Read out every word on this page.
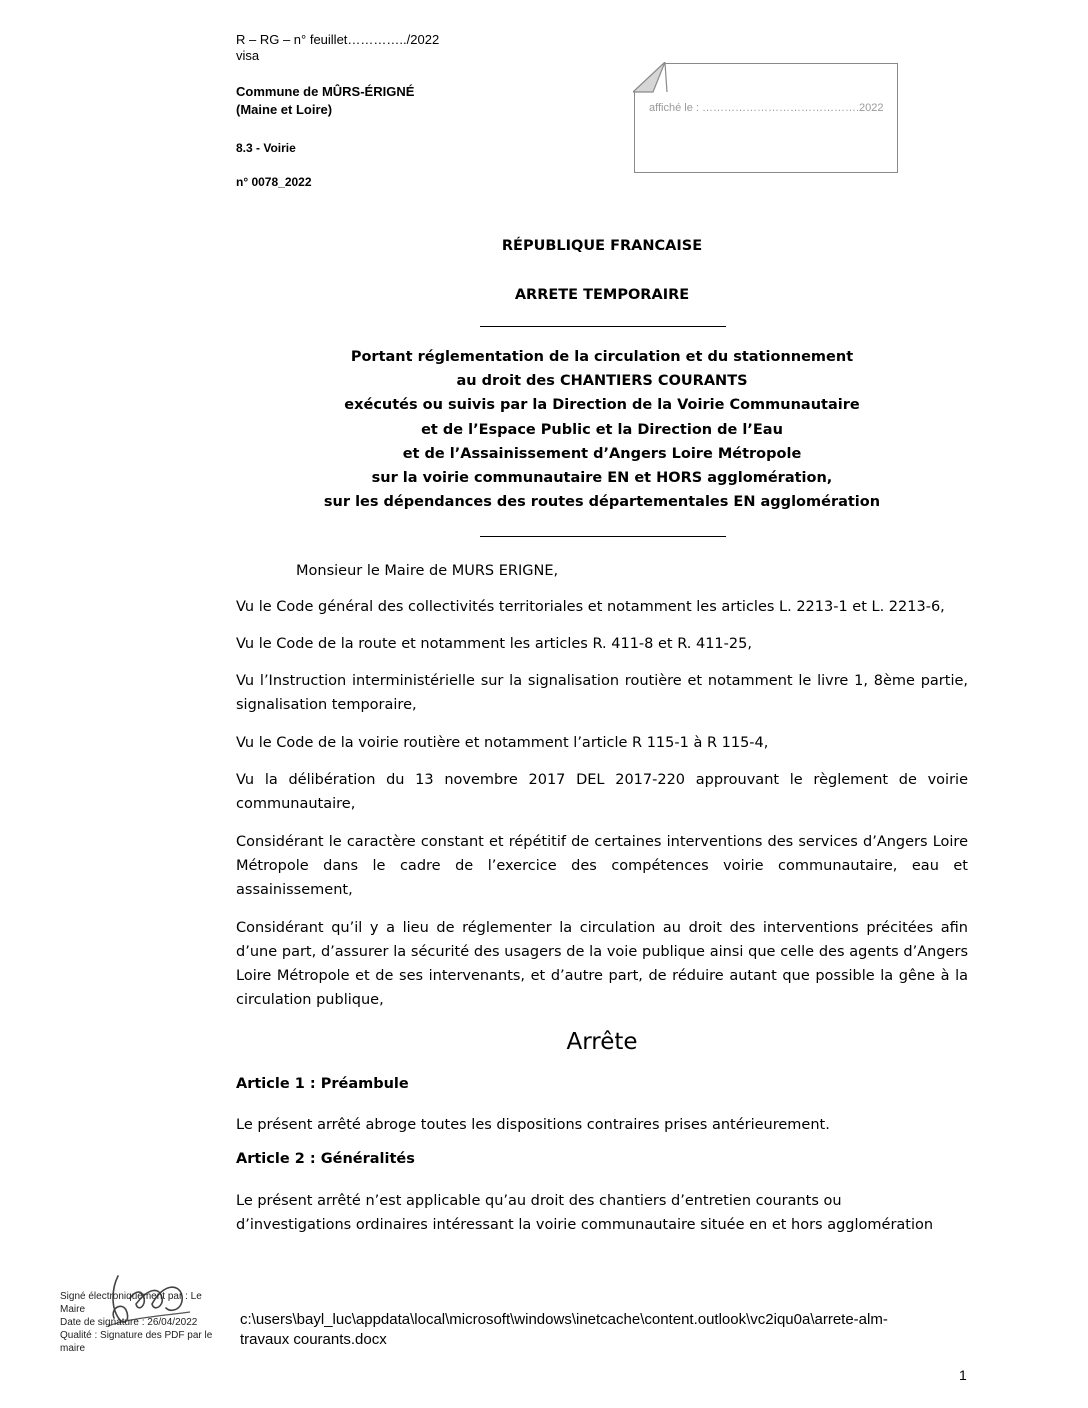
R – RG – n° feuillet…………../2022
visa
Commune de MÛRS-ÉRIGNÉ
(Maine et Loire)
8.3 - Voirie
n° 0078_2022
affiché le : …………………………………….2022
RÉPUBLIQUE FRANCAISE
ARRETE TEMPORAIRE
Portant réglementation de la circulation et du stationnement
au droit des CHANTIERS COURANTS
exécutés ou suivis par la Direction de la Voirie Communautaire
et de l’Espace Public et la Direction de l’Eau
et de l’Assainissement d’Angers Loire Métropole
sur la voirie communautaire EN et HORS agglomération,
sur les dépendances des routes départementales EN agglomération
Monsieur le Maire de MURS ERIGNE,
Vu le Code général des collectivités territoriales et notamment les articles L. 2213-1 et L. 2213-6,
Vu le Code de la route et notamment les articles R. 411-8 et R. 411-25,
Vu l’Instruction interministérielle sur la signalisation routière et notamment le livre 1, 8ème partie, signalisation temporaire,
Vu le Code de la voirie routière et notamment l’article R 115-1 à R 115-4,
Vu la délibération du 13 novembre 2017 DEL 2017-220 approuvant le règlement de voirie communautaire,
Considérant le caractère constant et répétitif de certaines interventions des services d’Angers Loire Métropole dans le cadre de l’exercice des compétences voirie communautaire, eau et assainissement,
Considérant qu’il y a lieu de réglementer la circulation au droit des interventions précitées afin d’une part, d’assurer la sécurité des usagers de la voie publique ainsi que celle des agents d’Angers Loire Métropole et de ses intervenants, et d’autre part, de réduire autant que possible la gêne à la circulation publique,
Arrête
Article 1 : Préambule
Le présent arrêté abroge toutes les dispositions contraires prises antérieurement.
Article 2 : Généralités
Le présent arrêté n’est applicable qu’au droit des chantiers d’entretien courants ou
d’investigations ordinaires intéressant la voirie communautaire située en et hors agglomération
Signé électroniquement par : Le
Maire
Date de signature : 26/04/2022
Qualité : Signature des PDF par le
maire
c:\users\bayl_luc\appdata\local\microsoft\windows\inetcache\content.outlook\vc2iqu0a\arrete-alm-
travaux courants.docx
1
